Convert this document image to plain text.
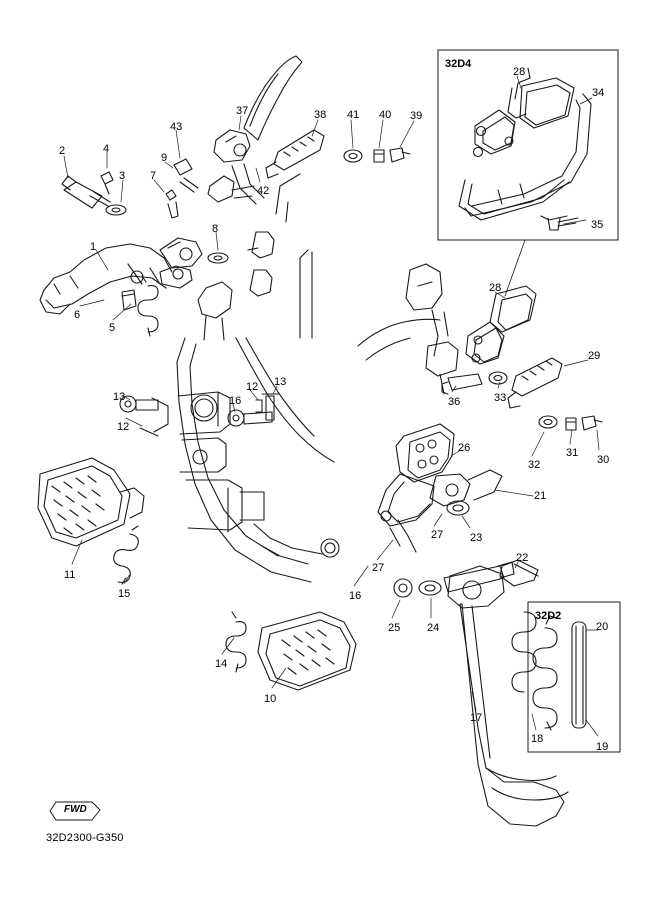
FWD
32D2300-G350
32D4
32D2
2	4
3
9
7
43
37	38 41 40 39
42
8
1
6
5
28
34
35
28
29
36	33
32
31
30
13
12
12 13
16
26
21
23
27
27
16
25 24
22
11
15
14
10
17
18
19
20
